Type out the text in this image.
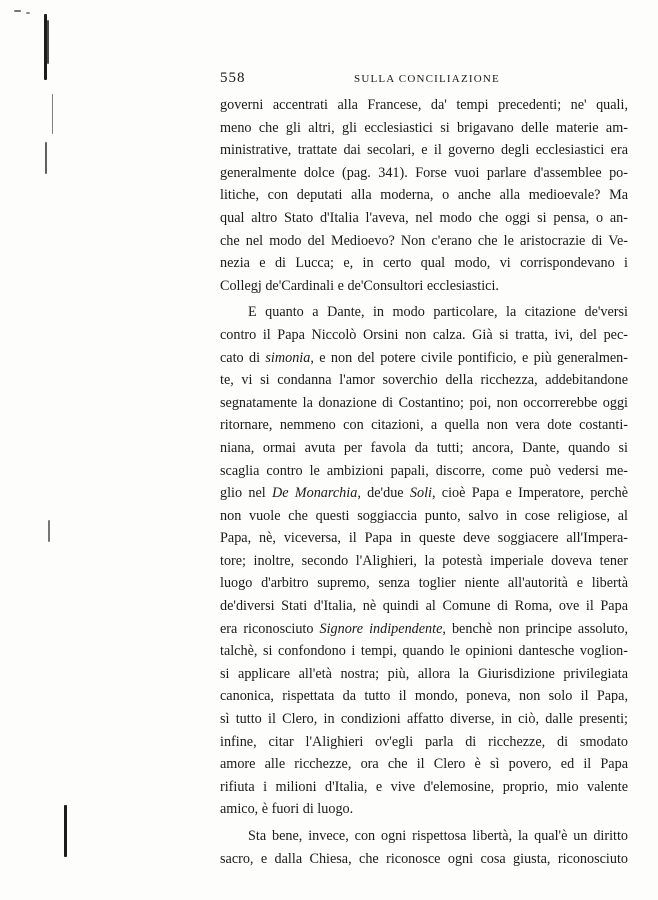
558	SULLA CONCILIAZIONE
governi accentrati alla Francese, da' tempi precedenti; ne' quali,
meno che gli altri, gli ecclesiastici si brigavano delle materie am-
ministrative, trattate dai secolari, e il governo degli ecclesiastici era
generalmente dolce (pag. 341). Forse vuoi parlare d'assemblee po-
litiche, con deputati alla moderna, o anche alla medioevale? Ma
qual altro Stato d'Italia l'aveva, nel modo che oggi si pensa, o an-
che nel modo del Medioevo? Non c'erano che le aristocrazie di Ve-
nezia e di Lucca; e, in certo qual modo, vi corrispondevano i
Collegj de'Cardinali e de'Consultori ecclesiastici.
E quanto a Dante, in modo particolare, la citazione de'versi
contro il Papa Niccolò Orsini non calza. Già si tratta, ivi, del pec-
cato di simonia, e non del potere civile pontificio, e più generalmen-
te, vi si condanna l'amor soverchio della ricchezza, addebitandone
segnatamente la donazione di Costantino; poi, non occorrerebbe oggi
ritornare, nemmeno con citazioni, a quella non vera dote costanti-
niana, ormai avuta per favola da tutti; ancora, Dante, quando si
scaglia contro le ambizioni papali, discorre, come può vedersi me-
glio nel De Monarchia, de'due Soli, cioè Papa e Imperatore, perchè
non vuole che questi soggiaccia punto, salvo in cose religiose, al
Papa, nè, viceversa, il Papa in queste deve soggiacere all'Impera-
tore; inoltre, secondo l'Alighieri, la potestà imperiale doveva tener
luogo d'arbitro supremo, senza toglier niente all'autorità e libertà
de'diversi Stati d'Italia, nè quindi al Comune di Roma, ove il Papa
era riconosciuto Signore indipendente, benchè non principe assoluto,
talchè, si confondono i tempi, quando le opinioni dantesche voglion-
si applicare all'età nostra; più, allora la Giurisdizione privilegiata
canonica, rispettata da tutto il mondo, poneva, non solo il Papa,
sì tutto il Clero, in condizioni affatto diverse, in ciò, dalle presenti;
infine, citar l'Alighieri ov'egli parla di ricchezze, di smodato
amore alle ricchezze, ora che il Clero è sì povero, ed il Papa
rifiuta i milioni d'Italia, e vive d'elemosine, proprio, mio valente
amico, è fuori di luogo.
Sta bene, invece, con ogni rispettosa libertà, la qual'è un diritto
sacro, e dalla Chiesa, che riconosce ogni cosa giusta, riconosciuto
